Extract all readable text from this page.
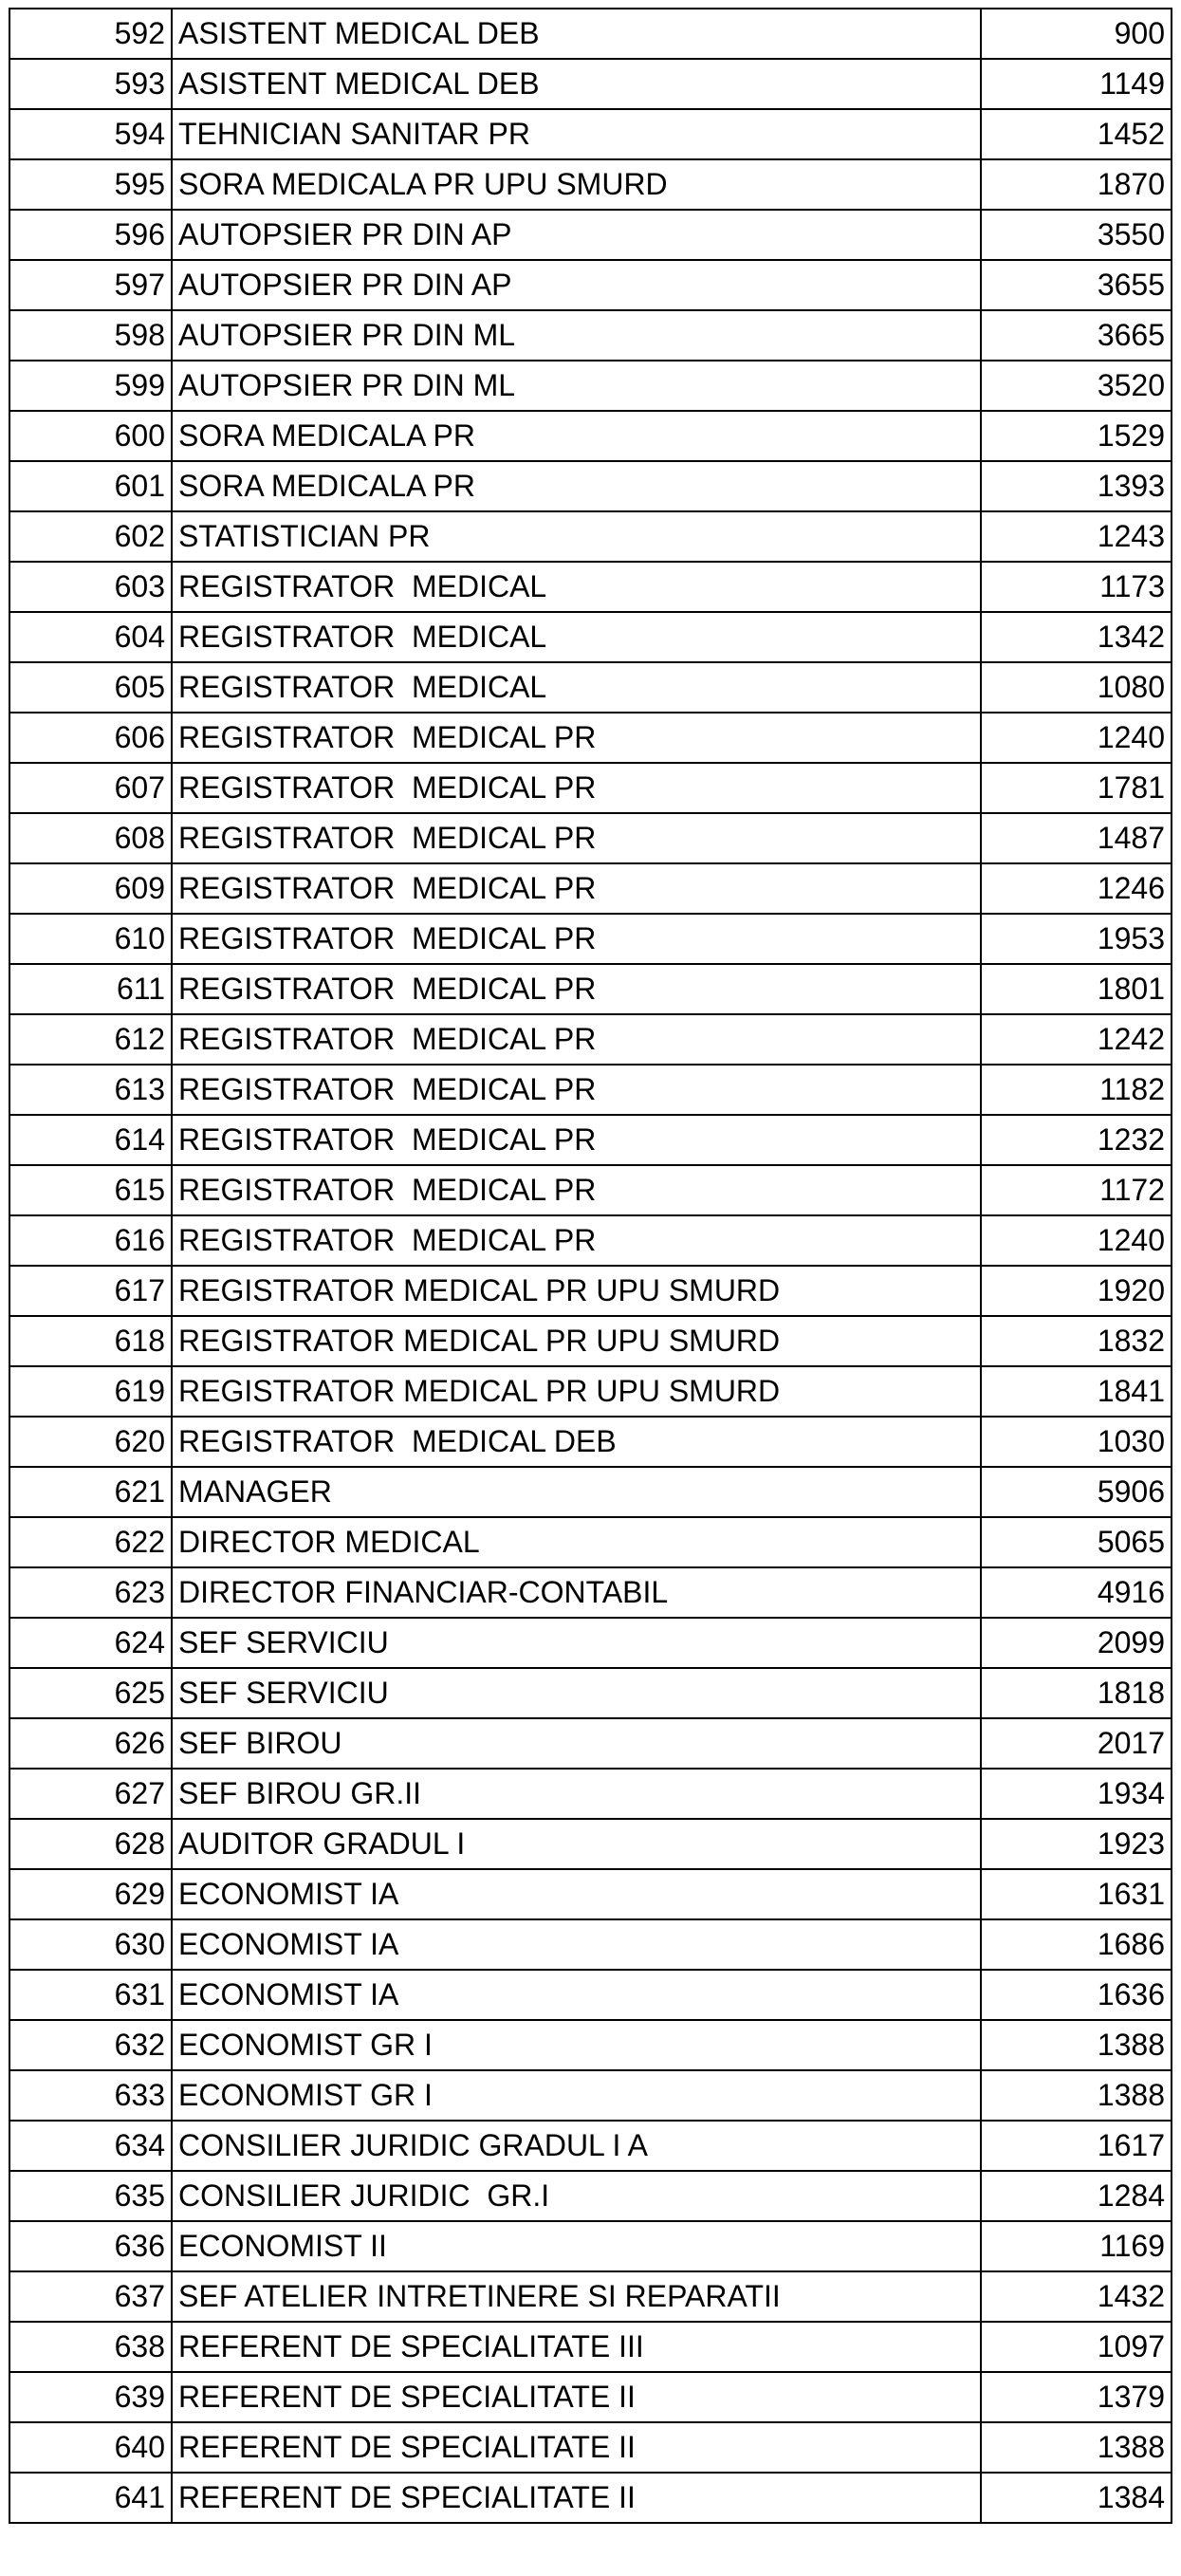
592	ASISTENT MEDICAL DEB	900
593	ASISTENT MEDICAL DEB	1149
594	TEHNICIAN SANITAR PR	1452
595	SORA MEDICALA PR UPU SMURD	1870
596	AUTOPSIER PR DIN AP	3550
597	AUTOPSIER PR DIN AP	3655
598	AUTOPSIER PR DIN ML	3665
599	AUTOPSIER PR DIN ML	3520
600	SORA MEDICALA PR	1529
601	SORA MEDICALA PR	1393
602	STATISTICIAN PR	1243
603	REGISTRATOR  MEDICAL	1173
604	REGISTRATOR  MEDICAL	1342
605	REGISTRATOR  MEDICAL	1080
606	REGISTRATOR  MEDICAL PR	1240
607	REGISTRATOR  MEDICAL PR	1781
608	REGISTRATOR  MEDICAL PR	1487
609	REGISTRATOR  MEDICAL PR	1246
610	REGISTRATOR  MEDICAL PR	1953
611	REGISTRATOR  MEDICAL PR	1801
612	REGISTRATOR  MEDICAL PR	1242
613	REGISTRATOR  MEDICAL PR	1182
614	REGISTRATOR  MEDICAL PR	1232
615	REGISTRATOR  MEDICAL PR	1172
616	REGISTRATOR  MEDICAL PR	1240
617	REGISTRATOR MEDICAL PR UPU SMURD	1920
618	REGISTRATOR MEDICAL PR UPU SMURD	1832
619	REGISTRATOR MEDICAL PR UPU SMURD	1841
620	REGISTRATOR  MEDICAL DEB	1030
621	MANAGER	5906
622	DIRECTOR MEDICAL	5065
623	DIRECTOR FINANCIAR-CONTABIL	4916
624	SEF SERVICIU	2099
625	SEF SERVICIU	1818
626	SEF BIROU	2017
627	SEF BIROU GR.II	1934
628	AUDITOR GRADUL I	1923
629	ECONOMIST IA	1631
630	ECONOMIST IA	1686
631	ECONOMIST IA	1636
632	ECONOMIST GR I	1388
633	ECONOMIST GR I	1388
634	CONSILIER JURIDIC GRADUL I A	1617
635	CONSILIER JURIDIC  GR.I	1284
636	ECONOMIST II	1169
637	SEF ATELIER INTRETINERE SI REPARATII	1432
638	REFERENT DE SPECIALITATE III	1097
639	REFERENT DE SPECIALITATE II	1379
640	REFERENT DE SPECIALITATE II	1388
641	REFERENT DE SPECIALITATE II	1384
